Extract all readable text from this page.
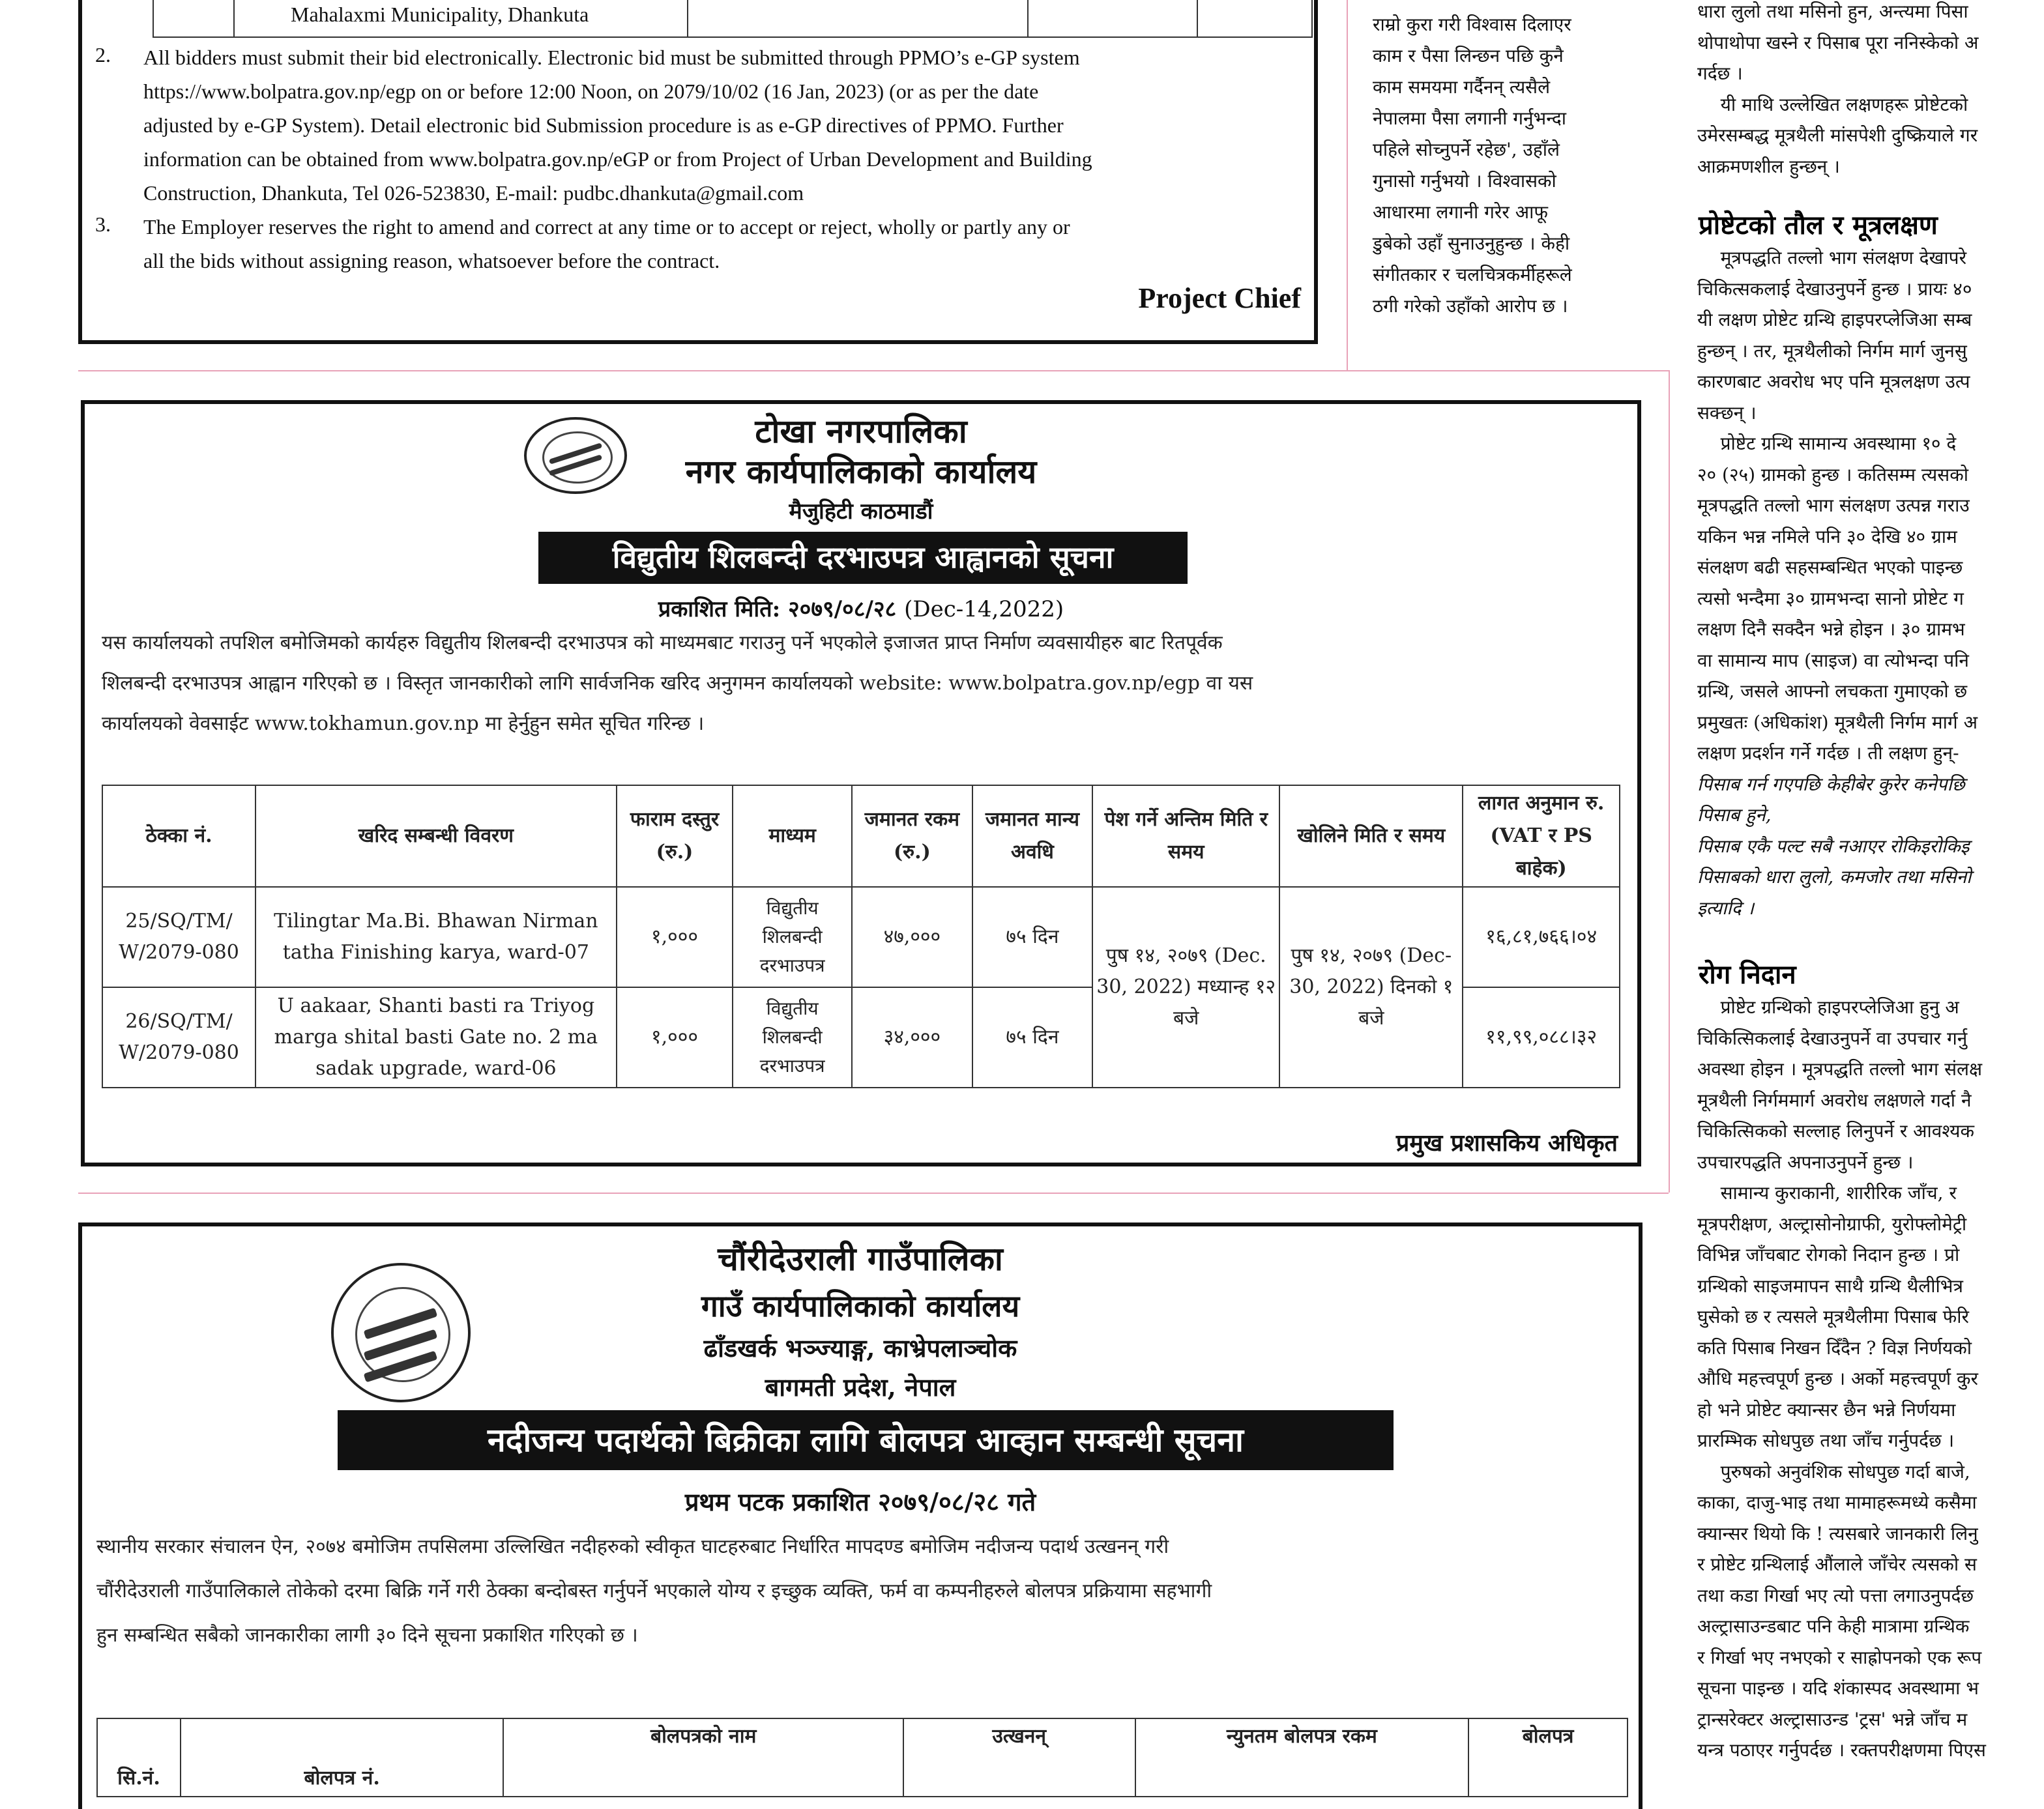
Mahalaxmi Municipality, Dhankuta
2. All bidders must submit their bid electronically. Electronic bid must be submitted through PPMO’s e-GP system
https://www.bolpatra.gov.np/egp on or before 12:00 Noon, on 2079/10/02 (16 Jan, 2023) (or as per the date
adjusted by e-GP System). Detail electronic bid Submission procedure is as e-GP directives of PPMO. Further
information can be obtained from www.bolpatra.gov.np/eGP or from Project of Urban Development and Building
Construction, Dhankuta, Tel 026-523830, E-mail: pudbc.dhankuta@gmail.com
3. The Employer reserves the right to amend and correct at any time or to accept or reject, wholly or partly any or
all the bids without assigning reason, whatsoever before the contract.
Project Chief
राम्रो कुरा गरी विश्वास दिलाएर
काम र पैसा लिन्छन पछि कुनै
काम समयमा गर्दैनन् त्यसैले
नेपालमा पैसा लगानी गर्नुभन्दा
पहिले सोच्नुपर्ने रहेछ', उहाँले
गुनासो गर्नुभयो । विश्वासको
आधारमा लगानी गरेर आफू
डुबेको उहाँ सुनाउनुहुन्छ । केही
संगीतकार र चलचित्रकर्मीहरूले
ठगी गरेको उहाँको आरोप छ ।
धारा लुलो तथा मसिनो हुन, अन्त्यमा पिसा
थोपाथोपा खस्ने र पिसाब पूरा ननिस्केको अ
गर्दछ ।
यी माथि उल्लेखित लक्षणहरू प्रोष्टेटको
उमेरसम्बद्ध मूत्रथैली मांसपेशी दुष्क्रियाले गर
आक्रमणशील हुन्छन् ।
प्रोष्टेटको तौल र मूत्रलक्षण
मूत्रपद्धति तल्लो भाग संलक्षण देखापरे
चिकित्सकलाई देखाउनुपर्ने हुन्छ । प्रायः ४०
यी लक्षण प्रोष्टेट ग्रन्थि हाइपरप्लेजिआ सम्ब
हुन्छन् । तर, मूत्रथैलीको निर्गम मार्ग जुनसु
कारणबाट अवरोध भए पनि मूत्रलक्षण उत्प
सक्छन् ।
प्रोष्टेट ग्रन्थि सामान्य अवस्थामा १० दे
२० (२५) ग्रामको हुन्छ । कतिसम्म त्यसको
मूत्रपद्धति तल्लो भाग संलक्षण उत्पन्न गराउ
यकिन भन्न नमिले पनि ३० देखि ४० ग्राम
संलक्षण बढी सहसम्बन्धित भएको पाइन्छ
त्यसो भन्दैमा ३० ग्रामभन्दा सानो प्रोष्टेट ग
लक्षण दिनै सक्दैन भन्ने होइन । ३० ग्रामभ
वा सामान्य माप (साइज) वा त्योभन्दा पनि
ग्रन्थि, जसले आफ्नो लचकता गुमाएको छ
प्रमुखतः (अधिकांश) मूत्रथैली निर्गम मार्ग अ
लक्षण प्रदर्शन गर्ने गर्दछ । ती लक्षण हुन्-
पिसाब गर्न गएपछि केहीबेर कुरेर कनेपछि
पिसाब हुने,
पिसाब एकै पल्ट सबै नआएर रोकिइरोकिइ
पिसाबको धारा लुलो, कमजोर तथा मसिनो
इत्यादि ।
रोग निदान
प्रोष्टेट ग्रन्थिको हाइपरप्लेजिआ हुनु अ
चिकित्सिकलाई देखाउनुपर्ने वा उपचार गर्नु
अवस्था होइन । मूत्रपद्धति तल्लो भाग संलक्ष
मूत्रथैली निर्गममार्ग अवरोध लक्षणले गर्दा नै
चिकित्सिकको सल्लाह लिनुपर्ने र आवश्यक
उपचारपद्धति अपनाउनुपर्ने हुन्छ ।
सामान्य कुराकानी, शारीरिक जाँच, र
मूत्रपरीक्षण, अल्ट्रासोनोग्राफी, युरोफ्लोमेट्री
विभिन्न जाँचबाट रोगको निदान हुन्छ । प्रो
ग्रन्थिको साइजमापन साथै ग्रन्थि थैलीभित्र
घुसेको छ र त्यसले मूत्रथैलीमा पिसाब फेरि
कति पिसाब निखन दिँदैन ? विज्ञ निर्णयको
औधि महत्त्वपूर्ण हुन्छ । अर्को महत्त्वपूर्ण कुर
हो भने प्रोष्टेट क्यान्सर छैन भन्ने निर्णयमा
प्रारम्भिक सोधपुछ तथा जाँच गर्नुपर्दछ ।
पुरुषको अनुवंशिक सोधपुछ गर्दा बाजे,
काका, दाजु-भाइ तथा मामाहरूमध्ये कसैमा
क्यान्सर थियो कि ! त्यसबारे जानकारी लिनु
र प्रोष्टेट ग्रन्थिलाई औंलाले जाँचेर त्यसको स
तथा कडा गिर्खा भए त्यो पत्ता लगाउनुपर्दछ
अल्ट्रासाउन्डबाट पनि केही मात्रामा ग्रन्थिक
र गिर्खा भए नभएको र साह्रोपनको एक रूप
सूचना पाइन्छ । यदि शंकास्पद अवस्थामा भ
ट्रान्सरेक्टर अल्ट्रासाउन्ड 'ट्रस' भन्ने जाँच म
यन्त्र पठाएर गर्नुपर्दछ । रक्तपरीक्षणमा पिएस
टोखा नगरपालिका
नगर कार्यपालिकाको कार्यालय
मैजुहिटी काठमाडौं
विद्युतीय शिलबन्दी दरभाउपत्र आह्वानको सूचना
प्रकाशित मिति: २०७९/०८/२८ (Dec-14,2022)
यस कार्यालयको तपशिल बमोजिमको कार्यहरु विद्युतीय शिलबन्दी दरभाउपत्र को माध्यमबाट गराउनु पर्ने भएकोले इजाजत प्राप्त निर्माण व्यवसायीहरु बाट रितपूर्वक
शिलबन्दी दरभाउपत्र आह्वान गरिएको छ । विस्तृत जानकारीको लागि सार्वजनिक खरिद अनुगमन कार्यालयको website: www.bolpatra.gov.np/egp वा यस
कार्यालयको वेवसाईट www.tokhamun.gov.np मा हेर्नुहुन समेत सूचित गरिन्छ ।
ठेक्का नं.	खरिद सम्बन्धी विवरण	फाराम दस्तुर (रु.)	माध्यम	जमानत रकम (रु.)	जमानत मान्य अवधि	पेश गर्ने अन्तिम मिति र समय	खोलिने मिति र समय	लागत अनुमान रु. (VAT र PS बाहेक)
25/SQ/TM/ W/2079-080	Tilingtar Ma.Bi. Bhawan Nirman tatha Finishing karya, ward-07	१,०००	विद्युतीय शिलबन्दी दरभाउपत्र	४७,०००	७५ दिन	पुष १४, २०७९ (Dec. 30, 2022) मध्यान्ह १२ बजे	पुष १४, २०७९ (Dec-30, 2022) दिनको १ बजे	१६,८१,७६६।०४
26/SQ/TM/ W/2079-080	U aakaar, Shanti basti ra Triyog marga shital basti Gate no. 2 ma sadak upgrade, ward-06	१,०००	विद्युतीय शिलबन्दी दरभाउपत्र	३४,०००	७५ दिन			११,९९,०८८।३२
प्रमुख प्रशासकिय अधिकृत
चौंरीदेउराली गाउँपालिका
गाउँ कार्यपालिकाको कार्यालय
ढाँडखर्क भञ्ज्याङ्ग, काभ्रेपलाञ्चोक
बागमती प्रदेश, नेपाल
नदीजन्य पदार्थको बिक्रीका लागि बोलपत्र आव्हान सम्बन्धी सूचना
प्रथम पटक प्रकाशित २०७९/०८/२८ गते
स्थानीय सरकार संचालन ऐन, २०७४ बमोजिम तपसिलमा उल्लिखित नदीहरुको स्वीकृत घाटहरुबाट निर्धारित मापदण्ड बमोजिम नदीजन्य पदार्थ उत्खनन् गरी
चौंरीदेउराली गाउँपालिकाले तोकेको दरमा बिक्रि गर्ने गरी ठेक्का बन्दोबस्त गर्नुपर्ने भएकाले योग्य र इच्छुक व्यक्ति, फर्म वा कम्पनीहरुले बोलपत्र प्रक्रियामा सहभागी
हुन सम्बन्धित सबैको जानकारीका लागी ३० दिने सूचना प्रकाशित गरिएको छ ।
सि.नं.	बोलपत्र नं.	बोलपत्रको नाम	उत्खनन्	न्युनतम बोलपत्र रकम	बोलपत्र
